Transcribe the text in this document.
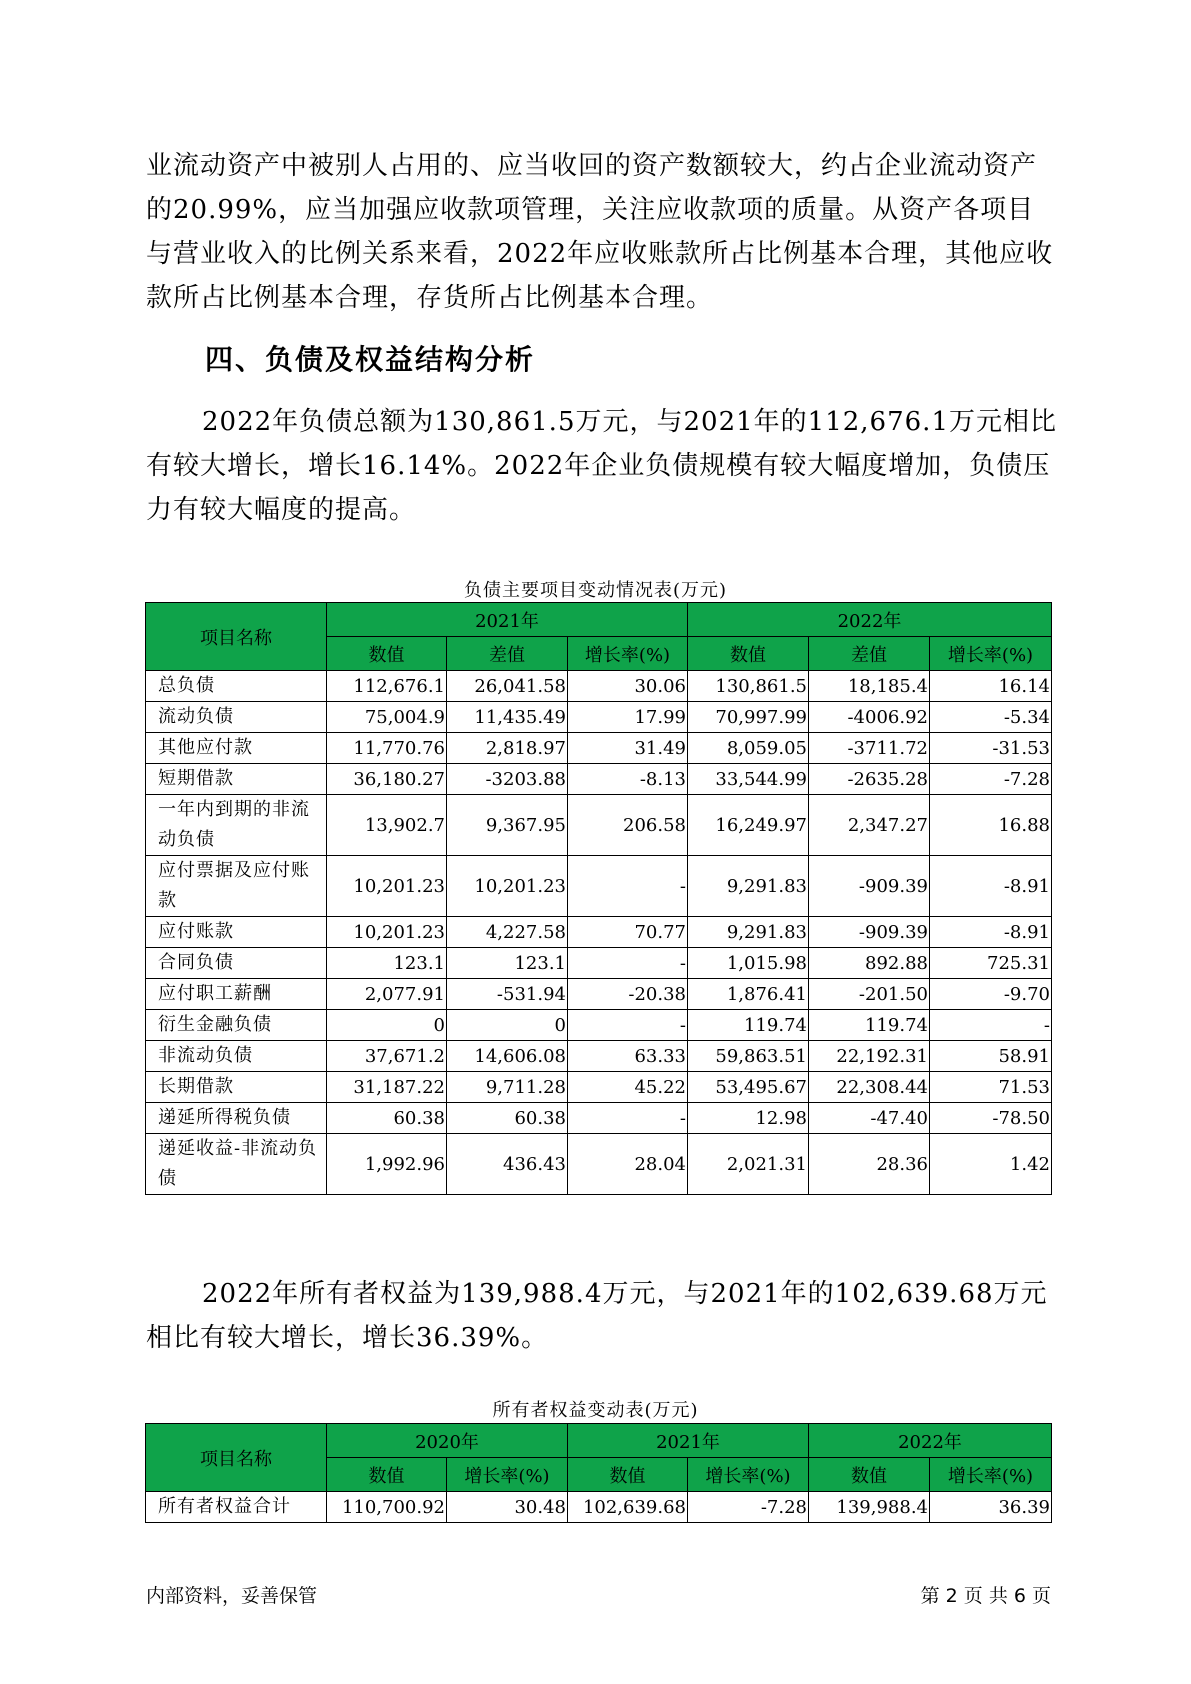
业流动资产中被别人占用的、应当收回的资产数额较大，约占企业流动资产的20.99%，应当加强应收款项管理，关注应收款项的质量。从资产各项目与营业收入的比例关系来看，2022年应收账款所占比例基本合理，其他应收款所占比例基本合理，存货所占比例基本合理。

四、负债及权益结构分析

2022年负债总额为130,861.5万元，与2021年的112,676.1万元相比有较大增长，增长16.14%。2022年企业负债规模有较大幅度增加，负债压力有较大幅度的提高。

负债主要项目变动情况表(万元)

项目名称	2021年			2022年		
	数值	差值	增长率(%)	数值	差值	增长率(%)
总负债	112,676.1	26,041.58	30.06	130,861.5	18,185.4	16.14
流动负债	75,004.9	11,435.49	17.99	70,997.99	-4006.92	-5.34
其他应付款	11,770.76	2,818.97	31.49	8,059.05	-3711.72	-31.53
短期借款	36,180.27	-3203.88	-8.13	33,544.99	-2635.28	-7.28
一年内到期的非流动负债	13,902.7	9,367.95	206.58	16,249.97	2,347.27	16.88
应付票据及应付账款	10,201.23	10,201.23	-	9,291.83	-909.39	-8.91
应付账款	10,201.23	4,227.58	70.77	9,291.83	-909.39	-8.91
合同负债	123.1	123.1	-	1,015.98	892.88	725.31
应付职工薪酬	2,077.91	-531.94	-20.38	1,876.41	-201.50	-9.70
衍生金融负债	0	0	-	119.74	119.74	-
非流动负债	37,671.2	14,606.08	63.33	59,863.51	22,192.31	58.91
长期借款	31,187.22	9,711.28	45.22	53,495.67	22,308.44	71.53
递延所得税负债	60.38	60.38	-	12.98	-47.40	-78.50
递延收益-非流动负债	1,992.96	436.43	28.04	2,021.31	28.36	1.42

2022年所有者权益为139,988.4万元，与2021年的102,639.68万元相比有较大增长，增长36.39%。

所有者权益变动表(万元)

项目名称	2020年		2021年		2022年	
	数值	增长率(%)	数值	增长率(%)	数值	增长率(%)
所有者权益合计	110,700.92	30.48	102,639.68	-7.28	139,988.4	36.39
内部资料，妥善保管	第 2 页 共 6 页
